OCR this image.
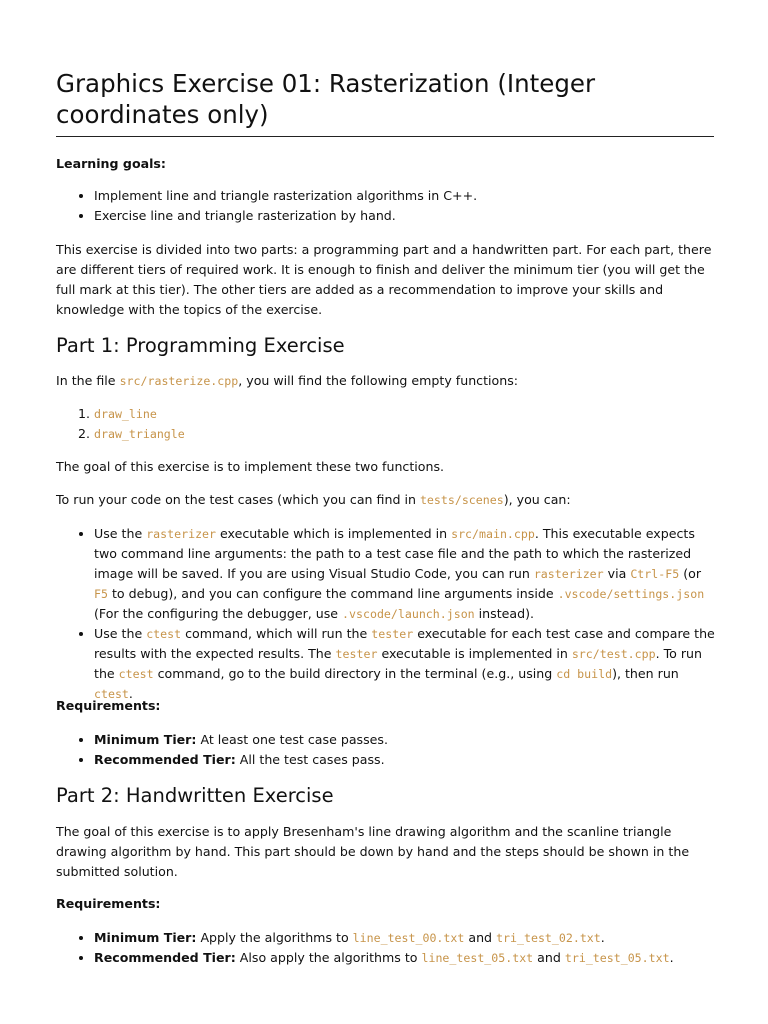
Graphics Exercise 01: Rasterization (Integer coordinates only)

Learning goals:

• Implement line and triangle rasterization algorithms in C++.
• Exercise line and triangle rasterization by hand.

This exercise is divided into two parts: a programming part and a handwritten part. For each part, there are different tiers of required work. It is enough to finish and deliver the minimum tier (you will get the full mark at this tier). The other tiers are added as a recommendation to improve your skills and knowledge with the topics of the exercise.

Part 1: Programming Exercise

In the file src/rasterize.cpp, you will find the following empty functions:

1. draw_line
2. draw_triangle

The goal of this exercise is to implement these two functions.

To run your code on the test cases (which you can find in tests/scenes), you can:

• Use the rasterizer executable which is implemented in src/main.cpp. This executable expects two command line arguments: the path to a test case file and the path to which the rasterized image will be saved. If you are using Visual Studio Code, you can run rasterizer via Ctrl-F5 (or F5 to debug), and you can configure the command line arguments inside .vscode/settings.json (For the configuring the debugger, use .vscode/launch.json instead).
• Use the ctest command, which will run the tester executable for each test case and compare the results with the expected results. The tester executable is implemented in src/test.cpp. To run the ctest command, go to the build directory in the terminal (e.g., using cd build), then run ctest.

Requirements:

• Minimum Tier: At least one test case passes.
• Recommended Tier: All the test cases pass.
Part 2: Handwritten Exercise

The goal of this exercise is to apply Bresenham's line drawing algorithm and the scanline triangle drawing algorithm by hand. This part should be down by hand and the steps should be shown in the submitted solution.

Requirements:

• Minimum Tier: Apply the algorithms to line_test_00.txt and tri_test_02.txt.
• Recommended Tier: Also apply the algorithms to line_test_05.txt and tri_test_05.txt.
